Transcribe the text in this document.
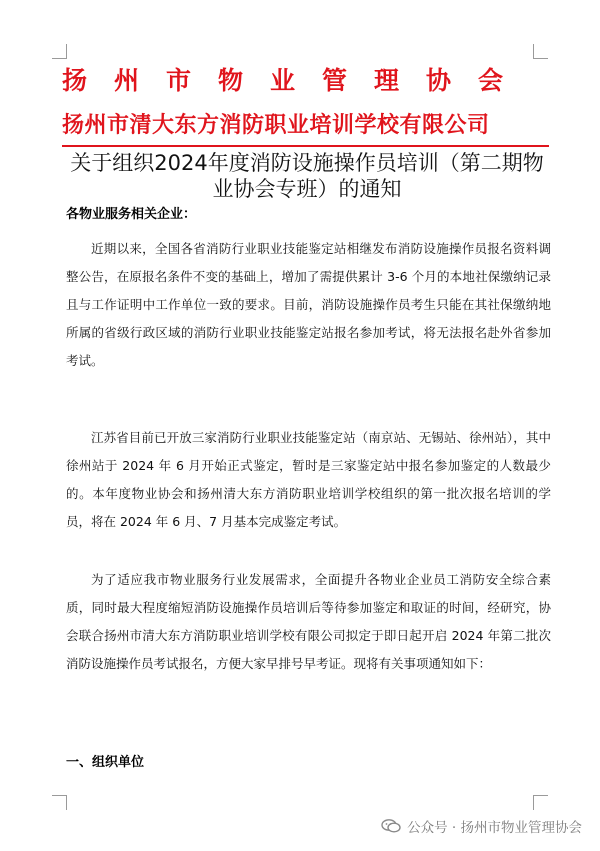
扬州市物业管理协会
扬州市清大东方消防职业培训学校有限公司
关于组织2024年度消防设施操作员培训（第二期物业协会专班）的通知
各物业服务相关企业：

近期以来，全国各省消防行业职业技能鉴定站相继发布消防设施操作员报名资料调整公告，在原报名条件不变的基础上，增加了需提供累计 3-6 个月的本地社保缴纳记录且与工作证明中工作单位一致的要求。目前，消防设施操作员考生只能在其社保缴纳地所属的省级行政区域的消防行业职业技能鉴定站报名参加考试，将无法报名赴外省参加考试。

江苏省目前已开放三家消防行业职业技能鉴定站（南京站、无锡站、徐州站），其中徐州站于 2024 年 6 月开始正式鉴定，暂时是三家鉴定站中报名参加鉴定的人数最少的。本年度物业协会和扬州清大东方消防职业培训学校组织的第一批次报名培训的学员，将在 2024 年 6 月、7 月基本完成鉴定考试。

为了适应我市物业服务行业发展需求，全面提升各物业企业员工消防安全综合素质，同时最大程度缩短消防设施操作员培训后等待参加鉴定和取证的时间，经研究，协会联合扬州市清大东方消防职业培训学校有限公司拟定于即日起开启 2024 年第二批次消防设施操作员考试报名，方便大家早排号早考证。现将有关事项通知如下：

一、组织单位
公众号 · 扬州市物业管理协会
